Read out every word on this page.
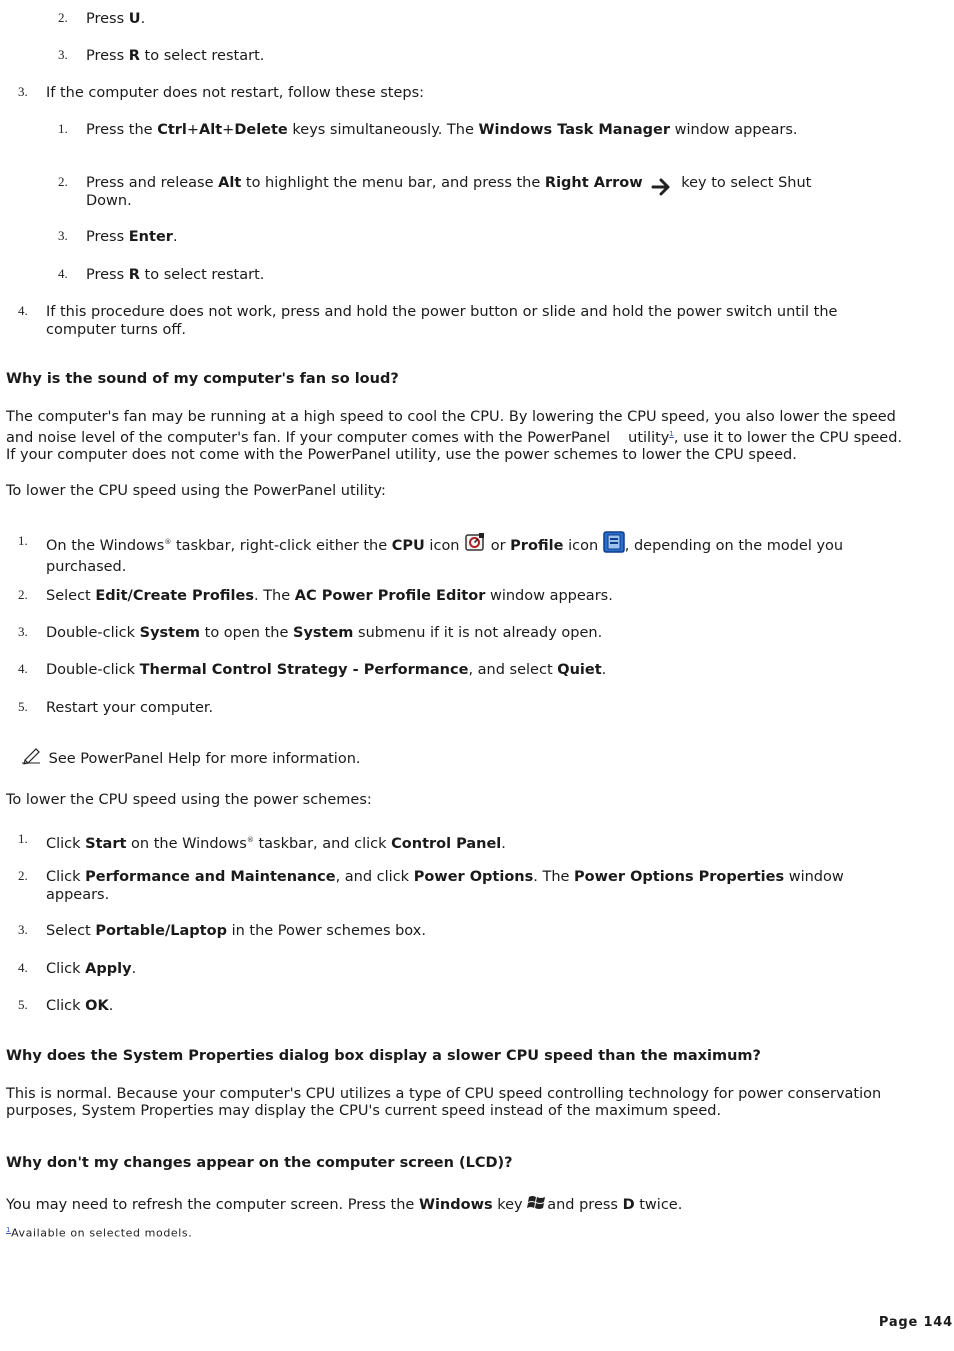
2. Press U.
3. Press R to select restart.
3. If the computer does not restart, follow these steps:
1. Press the Ctrl+Alt+Delete keys simultaneously. The Windows Task Manager window appears.
2. Press and release Alt to highlight the menu bar, and press the Right Arrow
key to select Shut
Down.
3. Press Enter.
4. Press R to select restart.
4. If this procedure does not work, press and hold the power button or slide and hold the power switch until the
computer turns off.
Why is the sound of my computer's fan so loud?
The computer's fan may be running at a high speed to cool the CPU. By lowering the CPU speed, you also lower the speed
and noise level of the computer's fan. If your computer comes with the PowerPanel utility$^1$, use it to lower the CPU speed.
If your computer does not come with the PowerPanel utility, use the power schemes to lower the CPU speed.
To lower the CPU speed using the PowerPanel utility:
1. On the Windows® taskbar, right-click either the CPU icon  or Profile icon , depending on the model you
purchased.
2. Select Edit/Create Profiles. The AC Power Profile Editor window appears.
3. Double-click System to open the System submenu if it is not already open.
4. Double-click Thermal Control Strategy - Performance, and select Quiet.
5. Restart your computer.
See PowerPanel Help for more information.
To lower the CPU speed using the power schemes:
1. Click Start on the Windows® taskbar, and click Control Panel.
2. Click Performance and Maintenance, and click Power Options. The Power Options Properties window
appears.
3. Select Portable/Laptop in the Power schemes box.
4. Click Apply.
5. Click OK.
Why does the System Properties dialog box display a slower CPU speed than the maximum?
This is normal. Because your computer's CPU utilizes a type of CPU speed controlling technology for power conservation
purposes, System Properties may display the CPU's current speed instead of the maximum speed.
Why don't my changes appear on the computer screen (LCD)?
You may need to refresh the computer screen. Press the Windows key and press D twice.
$^1$Available on selected models.
Page 144
